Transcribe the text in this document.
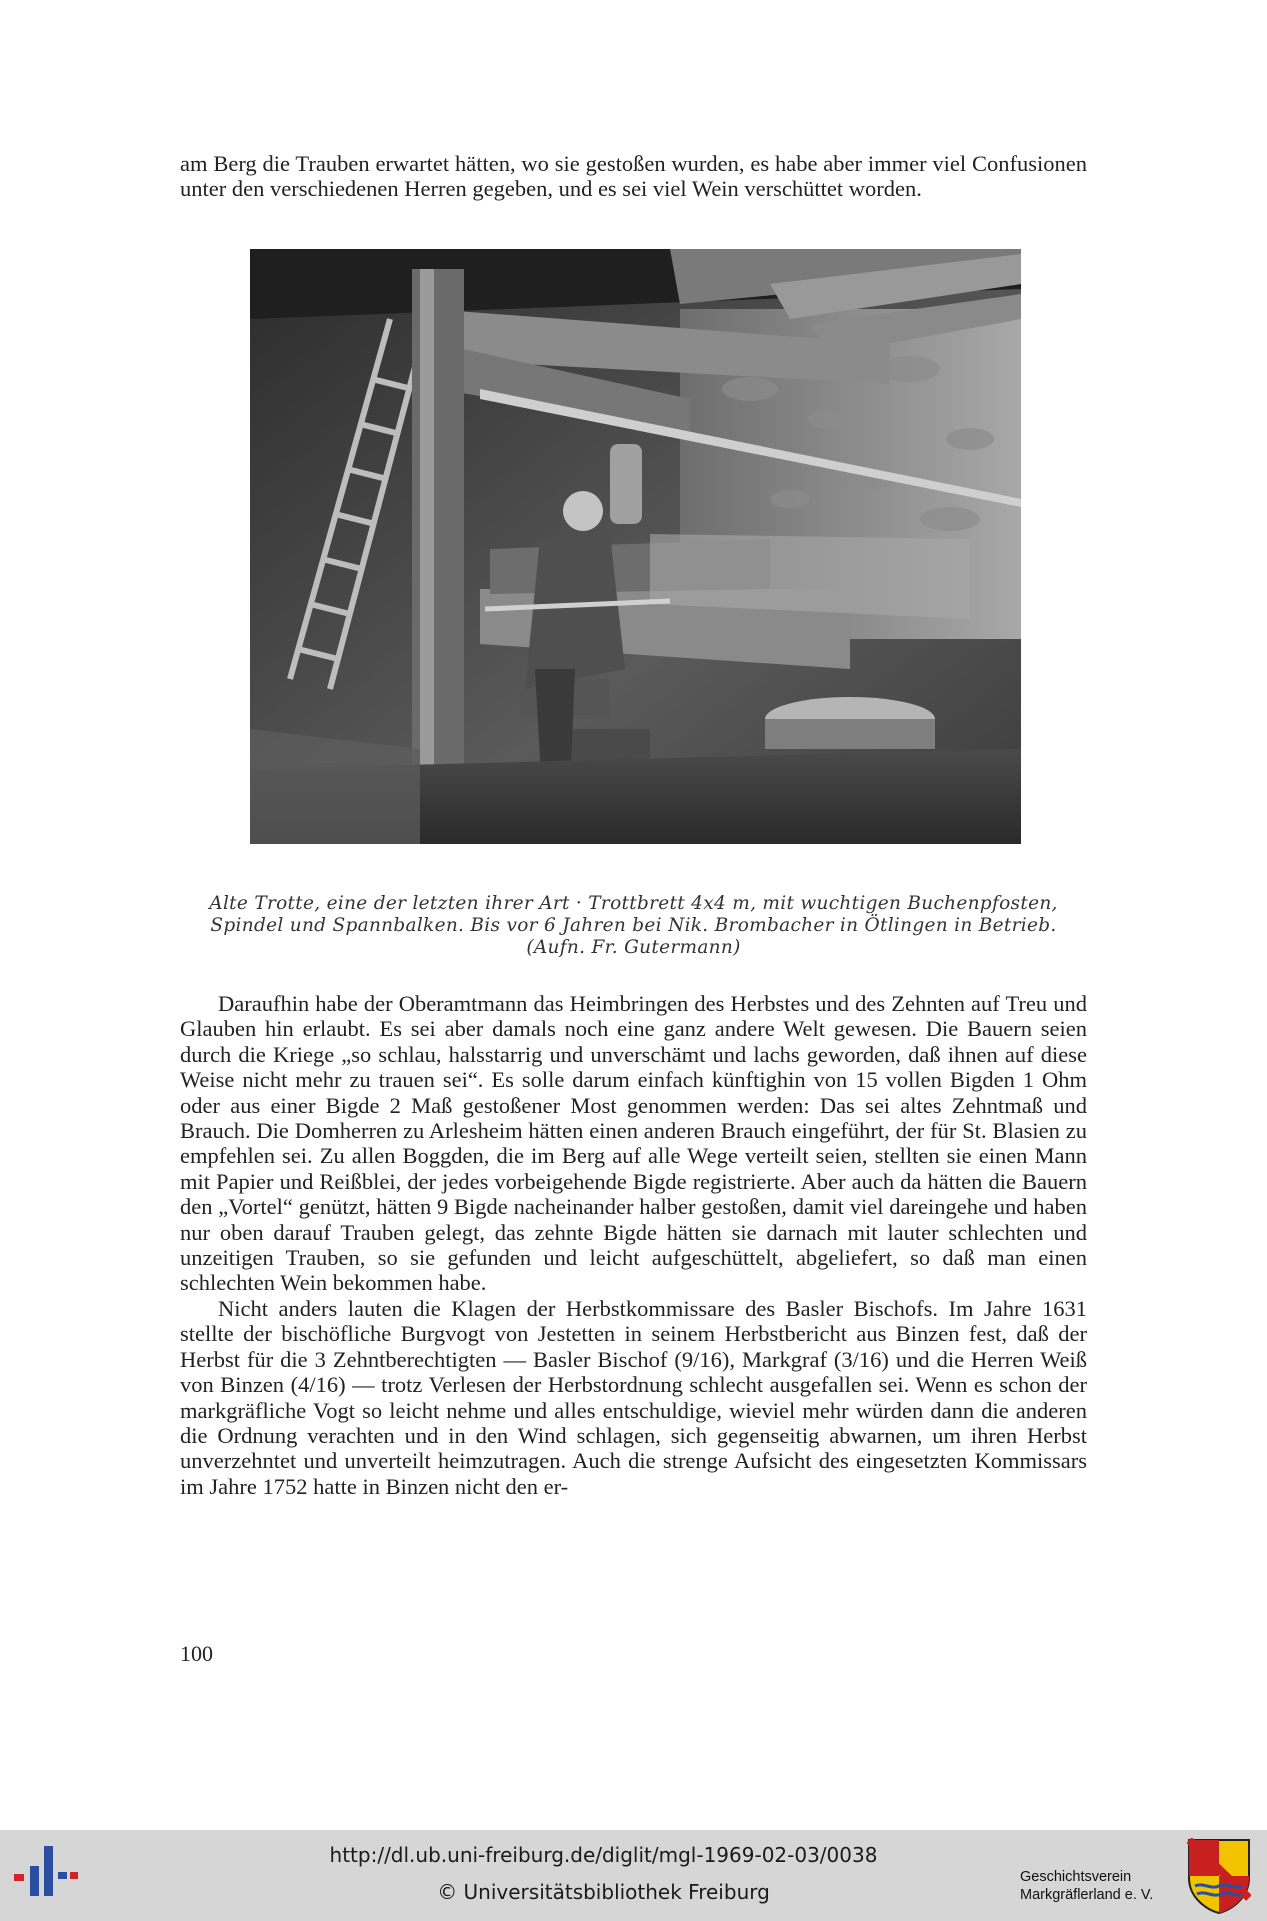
am Berg die Trauben erwartet hätten, wo sie gestoßen wurden, es habe aber immer viel Confusionen unter den verschiedenen Herren gegeben, und es sei viel Wein verschüttet worden.

Alte Trotte, eine der letzten ihrer Art · Trottbrett 4x4 m, mit wuchtigen Buchenpfosten,
Spindel und Spannbalken. Bis vor 6 Jahren bei Nik. Brombacher in Ötlingen in Betrieb.
(Aufn. Fr. Gutermann)

Daraufhin habe der Oberamtmann das Heimbringen des Herbstes und des Zehnten auf Treu und Glauben hin erlaubt. Es sei aber damals noch eine ganz andere Welt gewesen. Die Bauern seien durch die Kriege „so schlau, halsstarrig und unverschämt und lachs geworden, daß ihnen auf diese Weise nicht mehr zu trauen sei“. Es solle darum einfach künftighin von 15 vollen Bigden 1 Ohm oder aus einer Bigde 2 Maß gestoßener Most genommen werden: Das sei altes Zehntmaß und Brauch. Die Domherren zu Arlesheim hätten einen anderen Brauch eingeführt, der für St. Blasien zu empfehlen sei. Zu allen Boggden, die im Berg auf alle Wege verteilt seien, stellten sie einen Mann mit Papier und Reißblei, der jedes vorbeigehende Bigde registrierte. Aber auch da hätten die Bauern den „Vortel“ genützt, hätten 9 Bigde nacheinander halber gestoßen, damit viel dareingehe und haben nur oben darauf Trauben gelegt, das zehnte Bigde hätten sie darnach mit lauter schlechten und unzeitigen Trauben, so sie gefunden und leicht aufgeschüttelt, abgeliefert, so daß man einen schlechten Wein bekommen habe.

Nicht anders lauten die Klagen der Herbstkommissare des Basler Bischofs. Im Jahre 1631 stellte der bischöfliche Burgvogt von Jestetten in seinem Herbstbericht aus Binzen fest, daß der Herbst für die 3 Zehntberechtigten — Basler Bischof (9/16), Markgraf (3/16) und die Herren Weiß von Binzen (4/16) — trotz Verlesen der Herbstordnung schlecht ausgefallen sei. Wenn es schon der markgräfliche Vogt so leicht nehme und alles entschuldige, wieviel mehr würden dann die anderen die Ordnung verachten und in den Wind schlagen, sich gegenseitig abwarnen, um ihren Herbst unverzehntet und unverteilt heimzutragen. Auch die strenge Aufsicht des eingesetzten Kommissars im Jahre 1752 hatte in Binzen nicht den er-

100
http://dl.ub.uni-freiburg.de/diglit/mgl-1969-02-03/0038
© Universitätsbibliothek Freiburg
Geschichtsverein
Markgräflerland e. V.
